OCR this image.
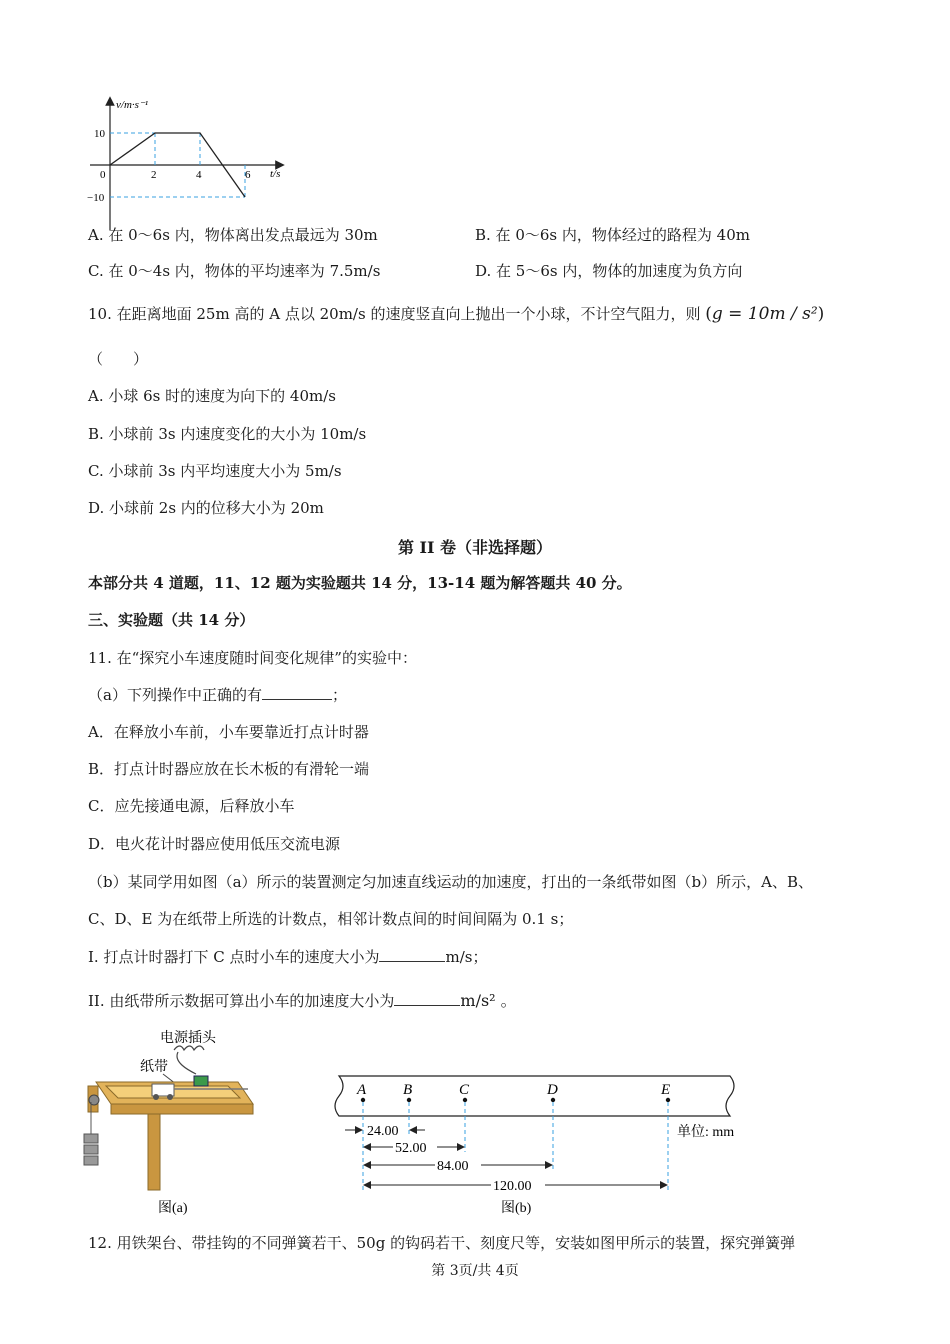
v/m·s⁻¹
t/s
10
−10
0	2	4	6
A. 在 0～6s 内，物体离出发点最远为 30m	B. 在 0～6s 内，物体经过的路程为 40m
C. 在 0～4s 内，物体的平均速率为 7.5m/s	D. 在 5～6s 内，物体的加速度为负方向
10. 在距离地面 25m 高的 A 点以 20m/s 的速度竖直向上抛出一个小球，不计空气阻力，则 (g = 10m / s²)
（　　）
A. 小球 6s 时的速度为向下的 40m/s
B. 小球前 3s 内速度变化的大小为 10m/s
C. 小球前 3s 内平均速度大小为 5m/s
D. 小球前 2s 内的位移大小为 20m
第 II 卷（非选择题）
本部分共 4 道题，11、12 题为实验题共 14 分，13-14 题为解答题共 40 分。
三、实验题（共 14 分）
11. 在“探究小车速度随时间变化规律”的实验中：
（a）下列操作中正确的有	；
A．在释放小车前，小车要靠近打点计时器
B．打点计时器应放在长木板的有滑轮一端
C．应先接通电源，后释放小车
D．电火花计时器应使用低压交流电源
（b）某同学用如图（a）所示的装置测定匀加速直线运动的加速度，打出的一条纸带如图（b）所示，A、B、
C、D、E 为在纸带上所选的计数点，相邻计数点间的时间间隔为 0.1 s；
I. 打点计时器打下 C 点时小车的速度大小为	m/s；
II. 由纸带所示数据可算出小车的加速度大小为	m/s² 。
电源插头
纸带
图(a)
A B	C	D	E
24.00
52.00
84.00
120.00
单位: mm
图(b)
12. 用铁架台、带挂钩的不同弹簧若干、50g 的钩码若干、刻度尺等，安装如图甲所示的装置，探究弹簧弹
第 3页/共 4页
